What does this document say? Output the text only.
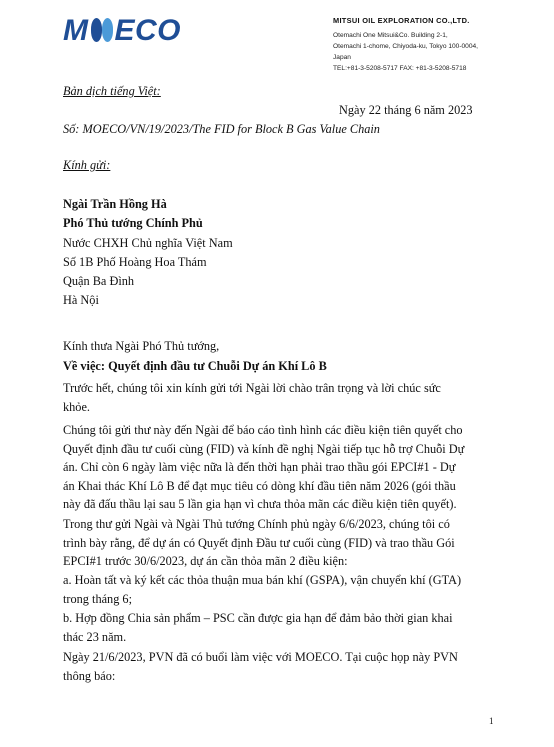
M ECO	MITSUI OIL EXPLORATION CO.,LTD.
Otemachi One Mitsui&Co. Building 2-1,
Otemachi 1-chome, Chiyoda-ku, Tokyo 100-0004,
Japan
TEL:+81-3-5208-5717 FAX: +81-3-5208-5718
Bản dịch tiếng Việt:
Ngày 22 tháng 6 năm 2023
Số: MOECO/VN/19/2023/The FID for Block B Gas Value Chain
Kính gửi:
Ngài Trần Hồng Hà
Phó Thủ tướng Chính Phủ
Nước CHXH Chủ nghĩa Việt Nam
Số 1B Phố Hoàng Hoa Thám
Quận Ba Đình
Hà Nội
Kính thưa Ngài Phó Thủ tướng,
Về việc: Quyết định đầu tư Chuỗi Dự án Khí Lô B
Trước hết, chúng tôi xin kính gửi tới Ngài lời chào trân trọng và lời chúc sức
khỏe.
Chúng tôi gửi thư này đến Ngài để báo cáo tình hình các điều kiện tiên quyết cho
Quyết định đầu tư cuối cùng (FID) và kính đề nghị Ngài tiếp tục hỗ trợ Chuỗi Dự
án. Chỉ còn 6 ngày làm việc nữa là đến thời hạn phải trao thầu gói EPCI#1 - Dự
án Khai thác Khí Lô B để đạt mục tiêu có dòng khí đầu tiên năm 2026 (gói thầu
này đã đấu thầu lại sau 5 lần gia hạn vì chưa thỏa mãn các điều kiện tiên quyết).
Trong thư gửi Ngài và Ngài Thủ tướng Chính phủ ngày 6/6/2023, chúng tôi có
trình bày rằng, để dự án có Quyết định Đầu tư cuối cùng (FID) và trao thầu Gói
EPCI#1 trước 30/6/2023, dự án cần thỏa mãn 2 điều kiện:
a. Hoàn tất và ký kết các thỏa thuận mua bán khí (GSPA), vận chuyển khí (GTA)
trong tháng 6;
b. Hợp đồng Chia sản phẩm – PSC cần được gia hạn để đảm bảo thời gian khai
thác 23 năm.
Ngày 21/6/2023, PVN đã có buổi làm việc với MOECO. Tại cuộc họp này PVN
thông báo:
1
